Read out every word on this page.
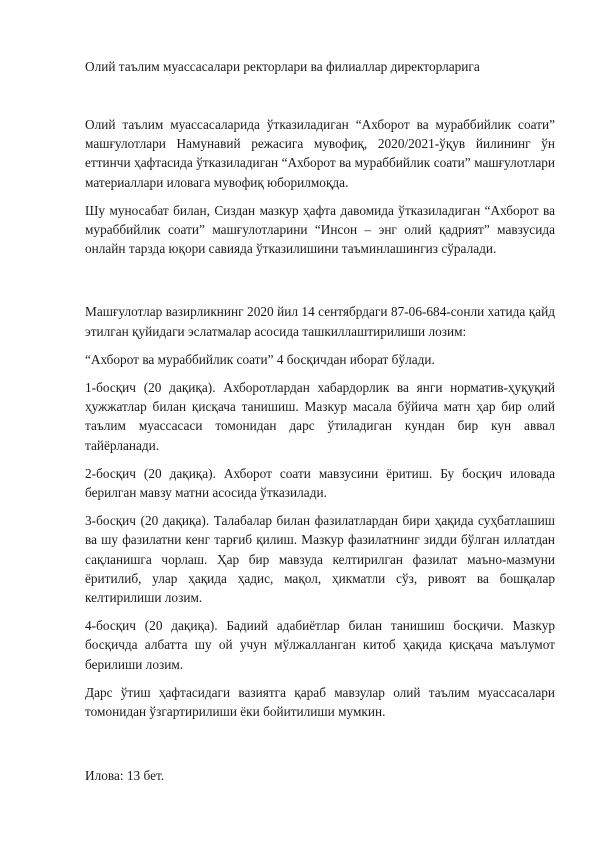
Олий таълим муассасалари ректорлари ва филиаллар директорларига

Олий таълим муассасаларида ўтказиладиган “Ахборот ва мураббийлик соати” машғулотлари Намунавий режасига мувофиқ, 2020/2021-ўқув йилининг ўн еттинчи ҳафтасида ўтказиладиган “Ахборот ва мураббийлик соати” машғулотлари материаллари иловага мувофиқ юборилмоқда.

Шу муносабат билан, Сиздан мазкур ҳафта давомида ўтказиладиган “Ахборот ва мураббийлик соати” машғулотларини “Инсон – энг олий қадрият” мавзусида онлайн тарзда юқори савияда ўтказилишини таъминлашингиз сўралади.

Машғулотлар вазирликнинг 2020 йил 14 сентябрдаги 87-06-684-сонли хатида қайд этилган қуйидаги эслатмалар асосида ташкиллаштирилиши лозим:

“Ахборот ва мураббийлик соати” 4 босқичдан иборат бўлади.

1-босқич (20 дақиқа). Ахборотлардан хабардорлик ва янги норматив-ҳуқуқий ҳужжатлар билан қисқача танишиш. Мазкур масала бўйича матн ҳар бир олий таълим муассасаси томонидан дарс ўтиладиган кундан бир кун аввал тайёрланади.

2-босқич (20 дақиқа). Ахборот соати мавзусини ёритиш. Бу босқич иловада берилган мавзу матни асосида ўтказилади.

3-босқич (20 дақиқа). Талабалар билан фазилатлардан бири ҳақида суҳбатлашиш ва шу фазилатни кенг тарғиб қилиш. Мазкур фазилатнинг зидди бўлган иллатдан сақланишга чорлаш. Ҳар бир мавзуда келтирилган фазилат маъно-мазмуни ёритилиб, улар ҳақида ҳадис, мақол, ҳикматли сўз, ривоят ва бошқалар келтирилиши лозим.

4-босқич (20 дақиқа). Бадиий адабиётлар билан танишиш босқичи. Мазкур босқичда албатта шу ой учун мўлжалланган китоб ҳақида қисқача маълумот берилиши лозим.

Дарс ўтиш ҳафтасидаги вазиятга қараб мавзулар олий таълим муассасалари томонидан ўзгартирилиши ёки бойитилиши мумкин.

Илова: 13 бет.
